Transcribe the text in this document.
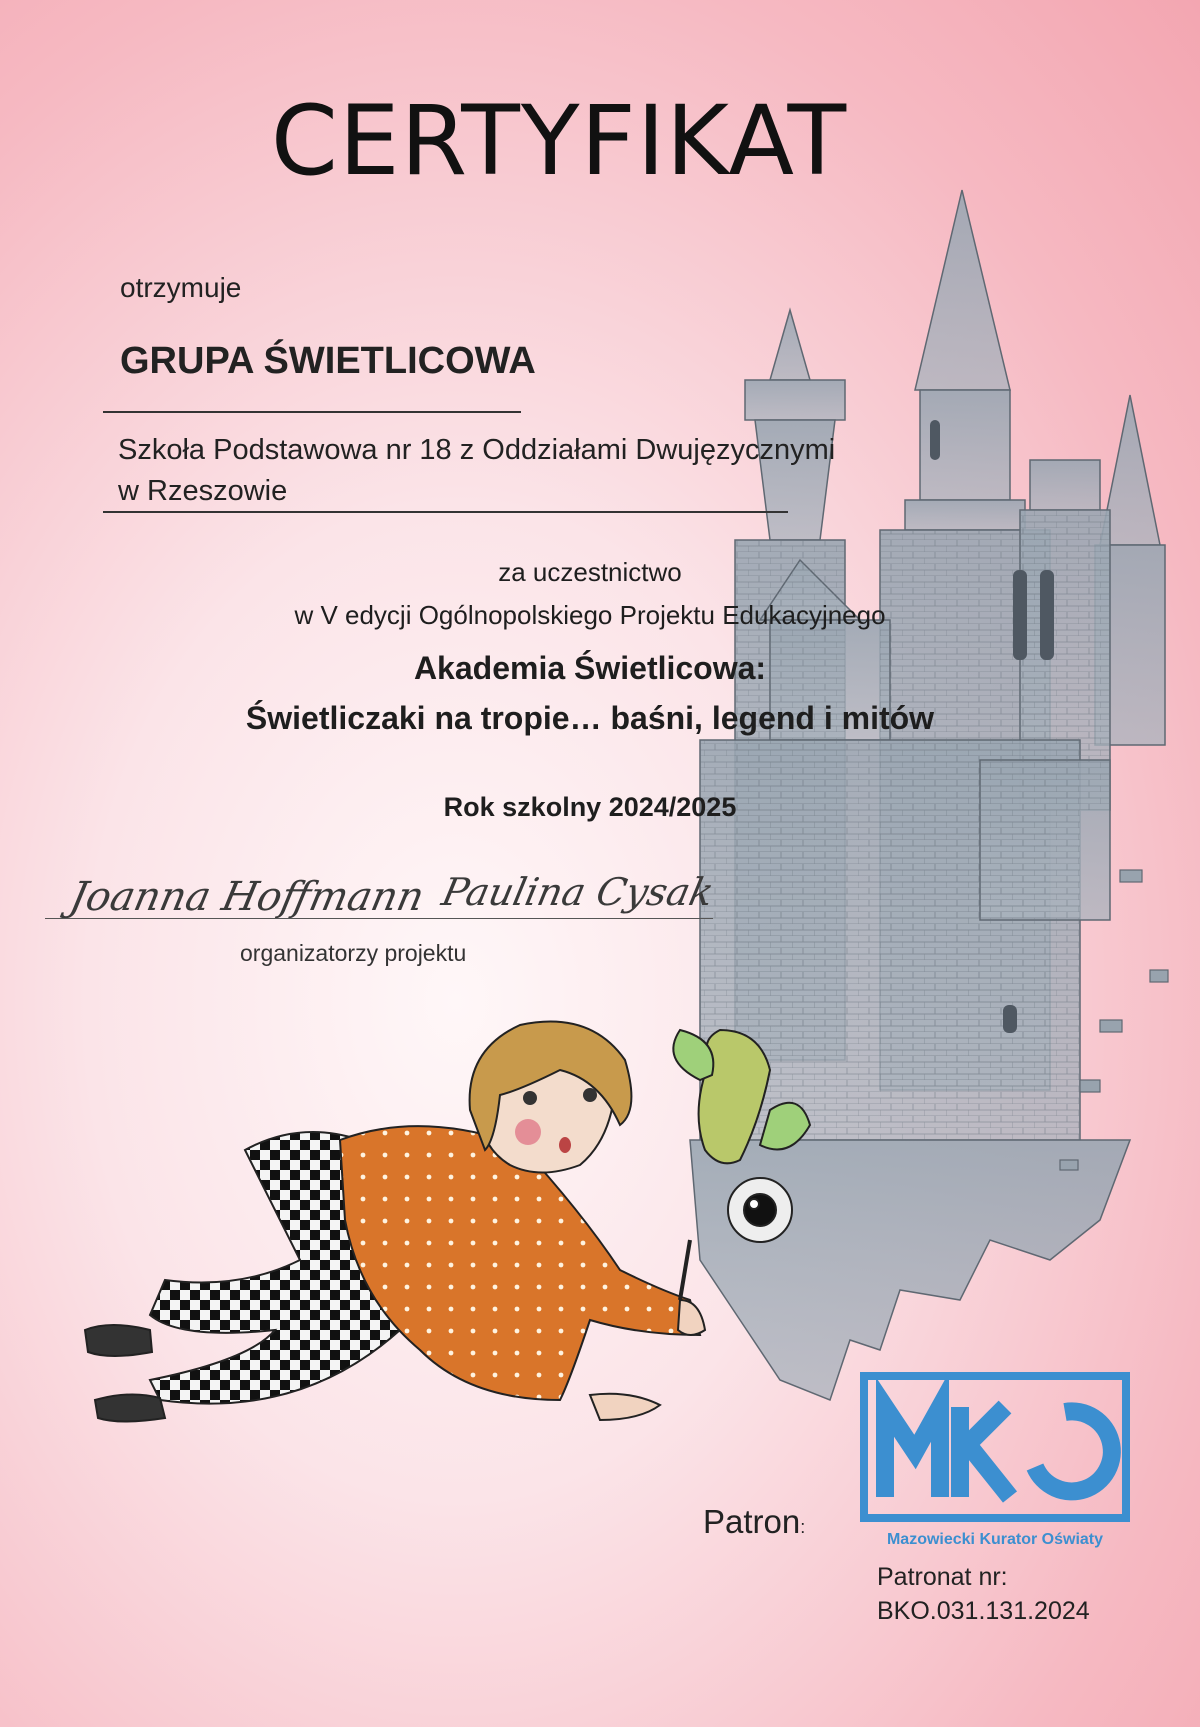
Joanna Hoffmann Paulina Cysak
CERTYFIKAT
otrzymuje
GRUPA ŚWIETLICOWA
Szkoła Podstawowa nr 18 z Oddziałami Dwujęzycznymi
w Rzeszowie
za uczestnictwo
w V edycji Ogólnopolskiego Projektu Edukacyjnego
Akademia Świetlicowa:
Świetliczaki na tropie… baśni, legend i mitów
Rok szkolny 2024/2025
organizatorzy projektu
Patron:
Mazowiecki Kurator Oświaty
Patronat nr:
BKO.031.131.2024
